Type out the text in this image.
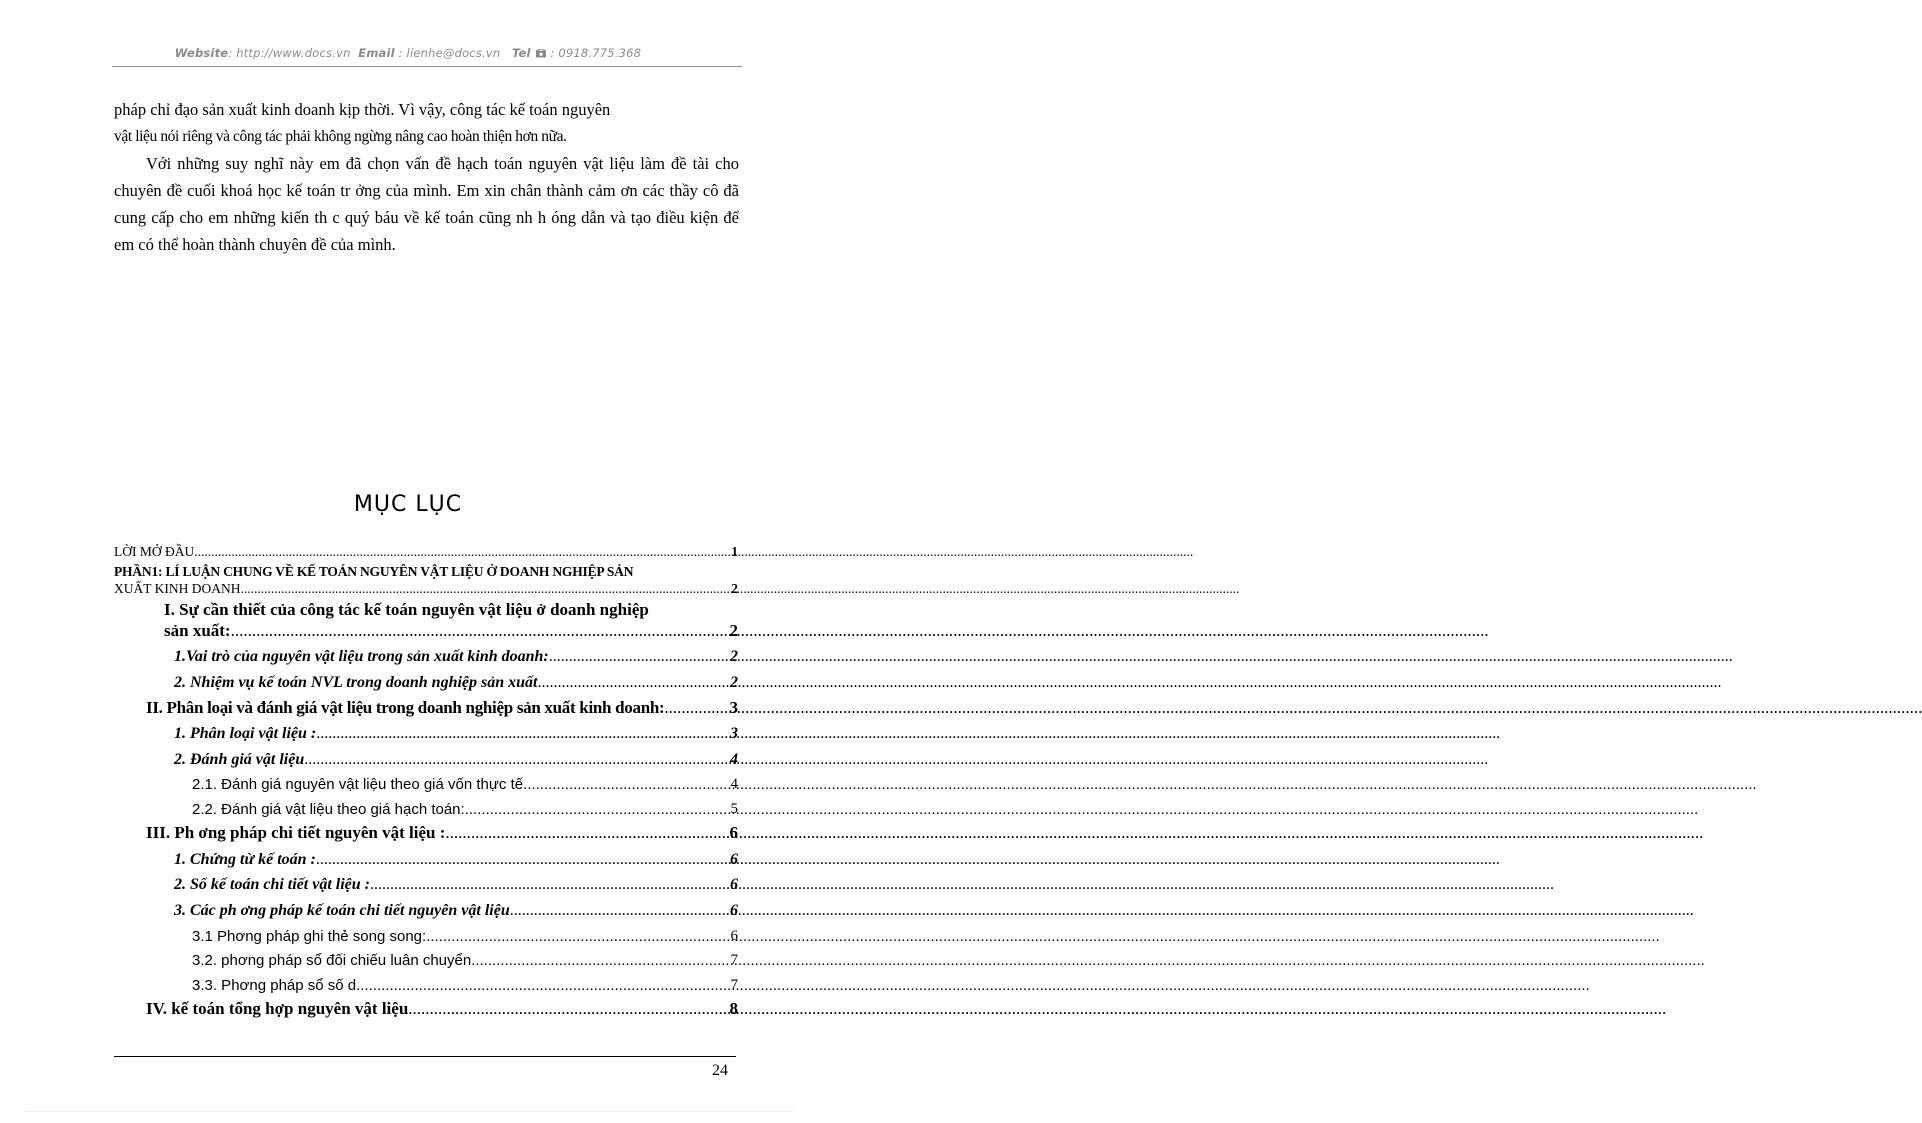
Website: http://www.docs.vn Email : lienhe@docs.vn Tel : 0918.775.368

pháp chỉ đạo sản xuất kinh doanh kịp thời. Vì vậy, công tác kế toán nguyên

vật liệu nói riêng và công tác phải không ngừng nâng cao hoàn thiện hơn nữa.

Với những suy nghĩ này em đã chọn vấn đề hạch toán nguyên vật liệu làm đề tài cho chuyên đề cuối khoá học kế toán tr ởng của mình. Em xin chân thành cảm ơn các thầy cô đã cung cấp cho em những kiến th c quý báu về kế toán cũng nh h óng dẫn và tạo điều kiện để em có thể hoàn thành chuyên đề của mình.

MỤC LỤC
LỜI MỞ ĐẦU .....	1
PHẦN1: LÍ LUẬN CHUNG VỀ KẾ TOÁN NGUYÊN VẬT LIỆU Ở DOANH NGHIỆP SẢN
XUẤT KINH DOANH .....	2
I. Sự cần thiết của công tác kế toán nguyên vật liệu ở doanh nghiệp
sản xuất: .....	2
1.Vai trò của nguyên vật liệu trong sản xuất kinh doanh: .....	2
2. Nhiệm vụ kế toán NVL trong doanh nghiệp sản xuất .....	2
II. Phân loại và đánh giá vật liệu trong doanh nghiệp sản xuất kinh doanh: .....	3
1. Phân loại vật liệu : .....	3
2. Đánh giá vật liệu .....	4
2.1. Đánh giá nguyên vật liệu theo giá vốn thực tế .....	4
2.2. Đánh giá vật liệu theo giá hạch toán: .....	5
III. Ph ơng pháp chi tiết nguyên vật liệu : .....	6
1. Chứng từ kế toán : .....	6
2. Sổ kế toán chi tiết vật liệu : .....	6
3. Các ph ơng pháp kế toán chi tiết nguyên vật liệu .....	6
3.1 Phơng pháp ghi thẻ song song: .....	6
3.2. phơng pháp sổ đối chiếu luân chuyển .....	7
3.3. Phơng pháp sổ số d .....	7
IV. kế toán tổng hợp nguyên vật liệu .....	8
24
